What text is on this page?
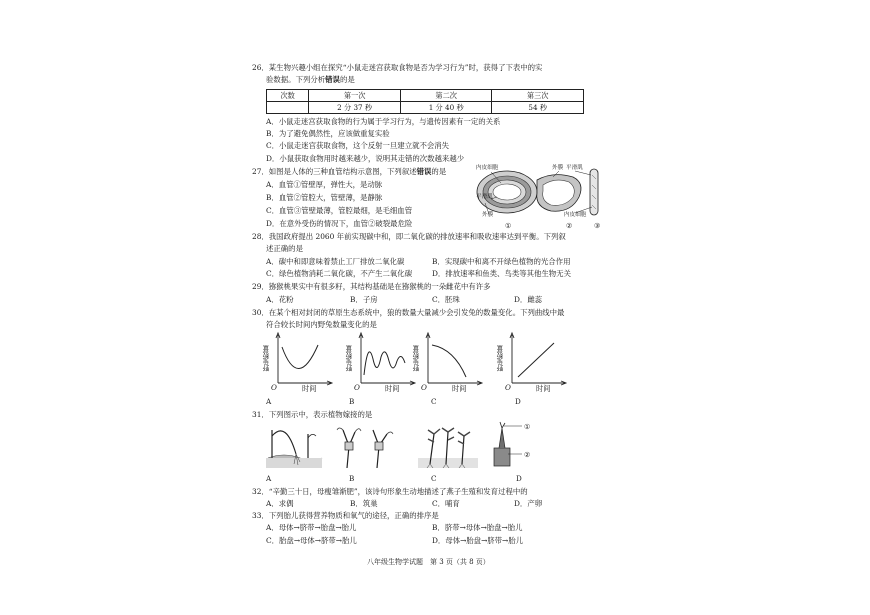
26．某生物兴趣小组在探究“小鼠走迷宫获取食物是否为学习行为”时，获得了下表中的实
验数据。下列分析错误的是
次数	第一次	第二次	第三次
	2 分 37 秒	1 分 40 秒	54 秒
A．小鼠走迷宫获取食物的行为属于学习行为，与遗传因素有一定的关系
B．为了避免偶然性，应该做重复实验
C．小鼠走迷宫获取食物，这个反射一旦建立就不会消失
D．小鼠获取食物用时越来越少，说明其走错的次数越来越少
27．如图是人体的三种血管结构示意图，下列叙述错误的是
A．血管①管壁厚，弹性大，是动脉
B．血管②管腔大，管壁薄，是静脉
C．血管③管壁最薄，管腔最细，是毛细血管
D．在意外受伤的情况下，血管②破裂最危险
内皮细胞	外膜 平滑肌
平滑肌
外膜	内皮细胞
①	②	③
28．我国政府提出 2060 年前实现碳中和，即二氧化碳的排放速率和吸收速率达到平衡。下列叙
述正确的是
A．碳中和即意味着禁止工厂排放二氧化碳	B．实现碳中和离不开绿色植物的光合作用
C．绿色植物消耗二氧化碳，不产生二氧化碳	D．排放速率和鱼类、鸟类等其他生物无关
29．猕猴桃果实中有很多籽，其结构基础是在猕猴桃的一朵雌花中有许多
A．花粉	B．子房	C．胚珠	D．雌蕊
30．在某个相对封闭的草原生态系统中，狼的数量大量减少会引发兔的数量变化。下列曲线中最
符合较长时间内野兔数量变化的是
野兔数量
O	时间
A
野兔数量
O	时间
B
野兔数量
O	时间
C
野兔数量
O	时间
D
31．下列图示中，表示植物嫁接的是
A	B	C
①
②
D
32．“辛勤三十日，母瘦雏渐肥”，该诗句形象生动地描述了燕子生殖和发育过程中的
A．求偶	B．筑巢	C．哺育	D．产卵
33．下列胎儿获得营养物质和氧气的途径，正确的排序是
A．母体→脐带→胎盘→胎儿	B．脐带→母体→胎盘→胎儿
C．胎盘→母体→脐带→胎儿	D．母体→胎盘→脐带→胎儿
八年级生物学试题　第 3 页（共 8 页）
